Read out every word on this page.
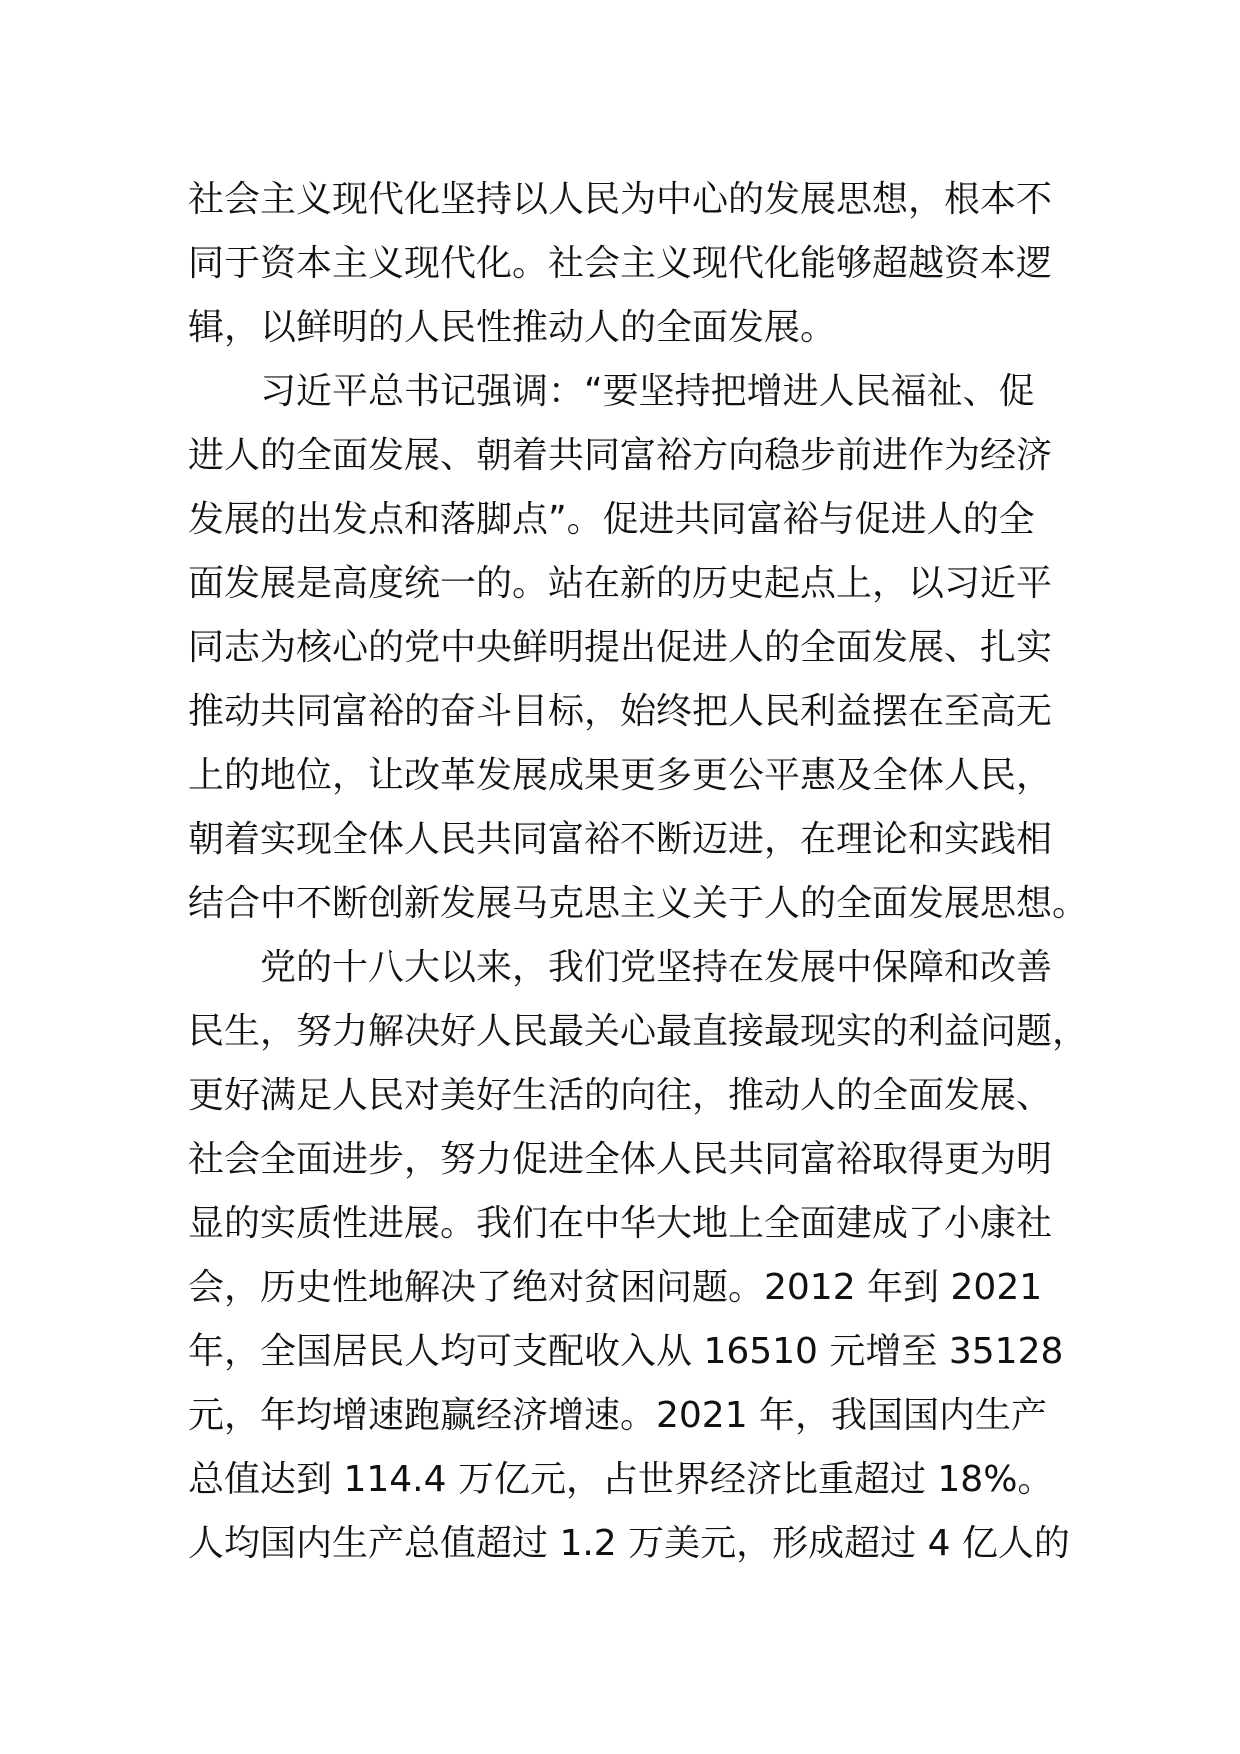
社会主义现代化坚持以人民为中心的发展思想，根本不
同于资本主义现代化。社会主义现代化能够超越资本逻
辑，以鲜明的人民性推动人的全面发展。
　　习近平总书记强调：“要坚持把增进人民福祉、促
进人的全面发展、朝着共同富裕方向稳步前进作为经济
发展的出发点和落脚点”。促进共同富裕与促进人的全
面发展是高度统一的。站在新的历史起点上，以习近平
同志为核心的党中央鲜明提出促进人的全面发展、扎实
推动共同富裕的奋斗目标，始终把人民利益摆在至高无
上的地位，让改革发展成果更多更公平惠及全体人民，
朝着实现全体人民共同富裕不断迈进，在理论和实践相
结合中不断创新发展马克思主义关于人的全面发展思想。
　　党的十八大以来，我们党坚持在发展中保障和改善
民生，努力解决好人民最关心最直接最现实的利益问题，
更好满足人民对美好生活的向往，推动人的全面发展、
社会全面进步，努力促进全体人民共同富裕取得更为明
显的实质性进展。我们在中华大地上全面建成了小康社
会，历史性地解决了绝对贫困问题。2012 年到 2021
年，全国居民人均可支配收入从 16510 元增至 35128
元，年均增速跑赢经济增速。2021 年，我国国内生产
总值达到 114.4 万亿元，占世界经济比重超过 18%。
人均国内生产总值超过 1.2 万美元，形成超过 4 亿人的
